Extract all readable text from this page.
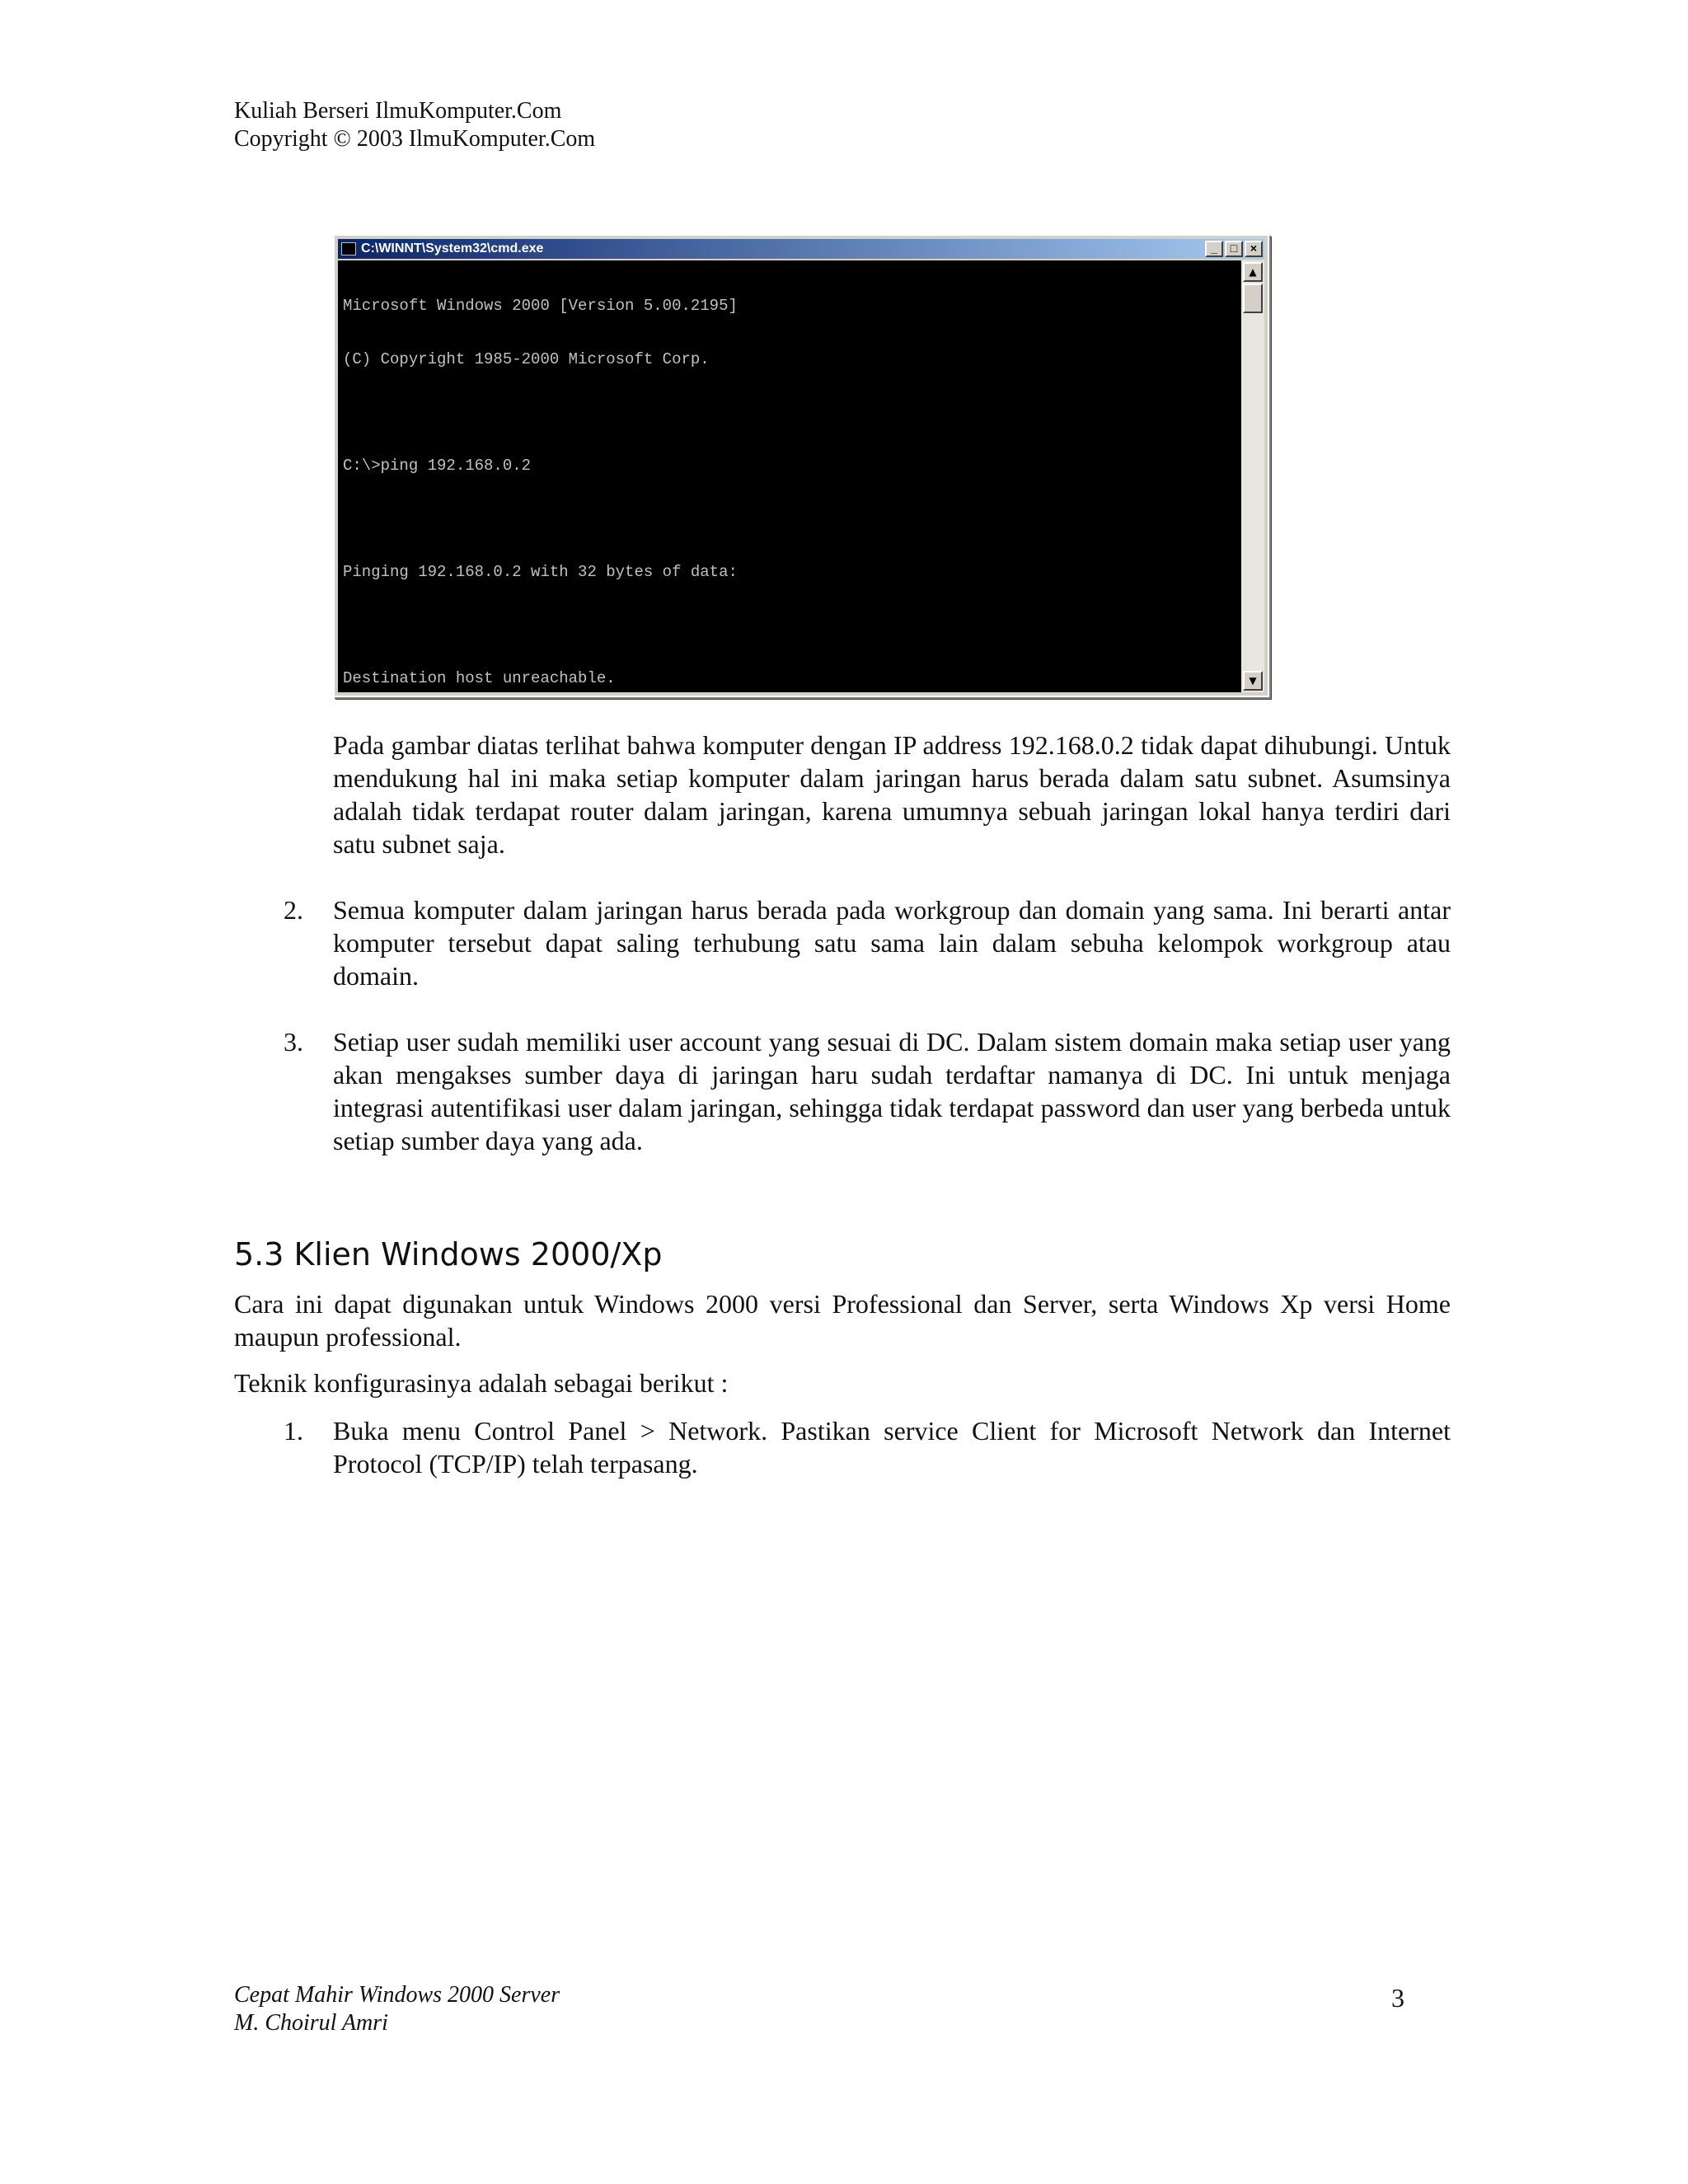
Kuliah Berseri IlmuKomputer.Com
Copyright © 2003 IlmuKomputer.Com
C:\WINNT\System32\cmd.exe	_	□	×

Microsoft Windows 2000 [Version 5.00.2195]

(C) Copyright 1985-2000 Microsoft Corp.

C:\>ping 192.168.0.2

Pinging 192.168.0.2 with 32 bytes of data:

Destination host unreachable.

▲
▼
Pada gambar diatas terlihat bahwa komputer dengan IP address 192.168.0.2 tidak dapat dihubungi. Untuk mendukung hal ini maka setiap komputer dalam jaringan harus berada dalam satu subnet. Asumsinya adalah tidak terdapat router dalam jaringan, karena umumnya sebuah jaringan lokal hanya terdiri dari satu subnet saja.
2.	Semua komputer dalam jaringan harus berada pada workgroup dan domain yang sama. Ini berarti antar komputer tersebut dapat saling terhubung satu sama lain dalam sebuha kelompok workgroup atau domain.
3.	Setiap user sudah memiliki user account yang sesuai di DC. Dalam sistem domain maka setiap user yang akan mengakses sumber daya di jaringan haru sudah terdaftar namanya di DC. Ini untuk menjaga integrasi autentifikasi user dalam jaringan, sehingga tidak terdapat password dan user yang berbeda untuk setiap sumber daya yang ada.
5.3 Klien Windows 2000/Xp
Cara ini dapat digunakan untuk Windows 2000 versi Professional dan Server, serta Windows Xp versi Home maupun professional.
Teknik konfigurasinya adalah sebagai berikut :
1.	Buka menu Control Panel > Network. Pastikan service Client for Microsoft Network dan Internet Protocol (TCP/IP) telah terpasang.
Cepat Mahir Windows 2000 Server
M. Choirul Amri
3
